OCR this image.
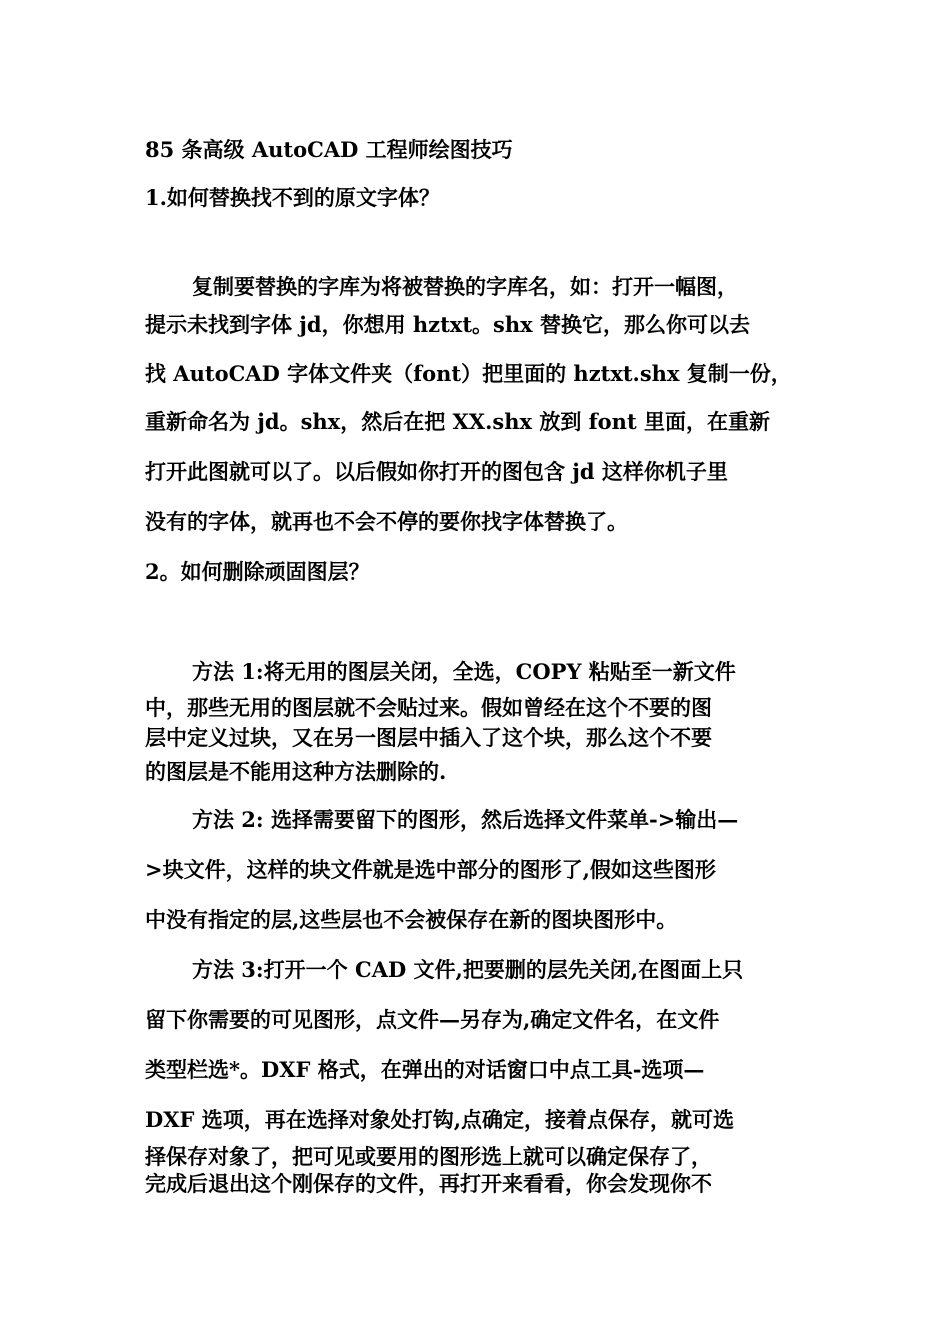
85 条高级 AutoCAD 工程师绘图技巧
1.如何替换找不到的原文字体？
复制要替换的字库为将被替换的字库名，如：打开一幅图，
提示未找到字体 jd，你想用 hztxt。shx 替换它，那么你可以去
找 AutoCAD 字体文件夹（font）把里面的 hztxt.shx 复制一份，
重新命名为 jd。shx，然后在把 XX.shx 放到 font 里面，在重新
打开此图就可以了。以后假如你打开的图包含 jd 这样你机子里
没有的字体，就再也不会不停的要你找字体替换了。
2。如何删除顽固图层？
方法 1:将无用的图层关闭，全选，COPY 粘贴至一新文件
中，那些无用的图层就不会贴过来。假如曾经在这个不要的图
层中定义过块，又在另一图层中插入了这个块，那么这个不要
的图层是不能用这种方法删除的.
方法 2: 选择需要留下的图形，然后选择文件菜单->输出—
>块文件，这样的块文件就是选中部分的图形了,假如这些图形
中没有指定的层,这些层也不会被保存在新的图块图形中。
方法 3:打开一个 CAD 文件,把要删的层先关闭,在图面上只
留下你需要的可见图形，点文件—另存为,确定文件名，在文件
类型栏选*。DXF 格式，在弹出的对话窗口中点工具-选项—
DXF 选项，再在选择对象处打钩,点确定，接着点保存，就可选
择保存对象了，把可见或要用的图形选上就可以确定保存了，
完成后退出这个刚保存的文件，再打开来看看，你会发现你不
